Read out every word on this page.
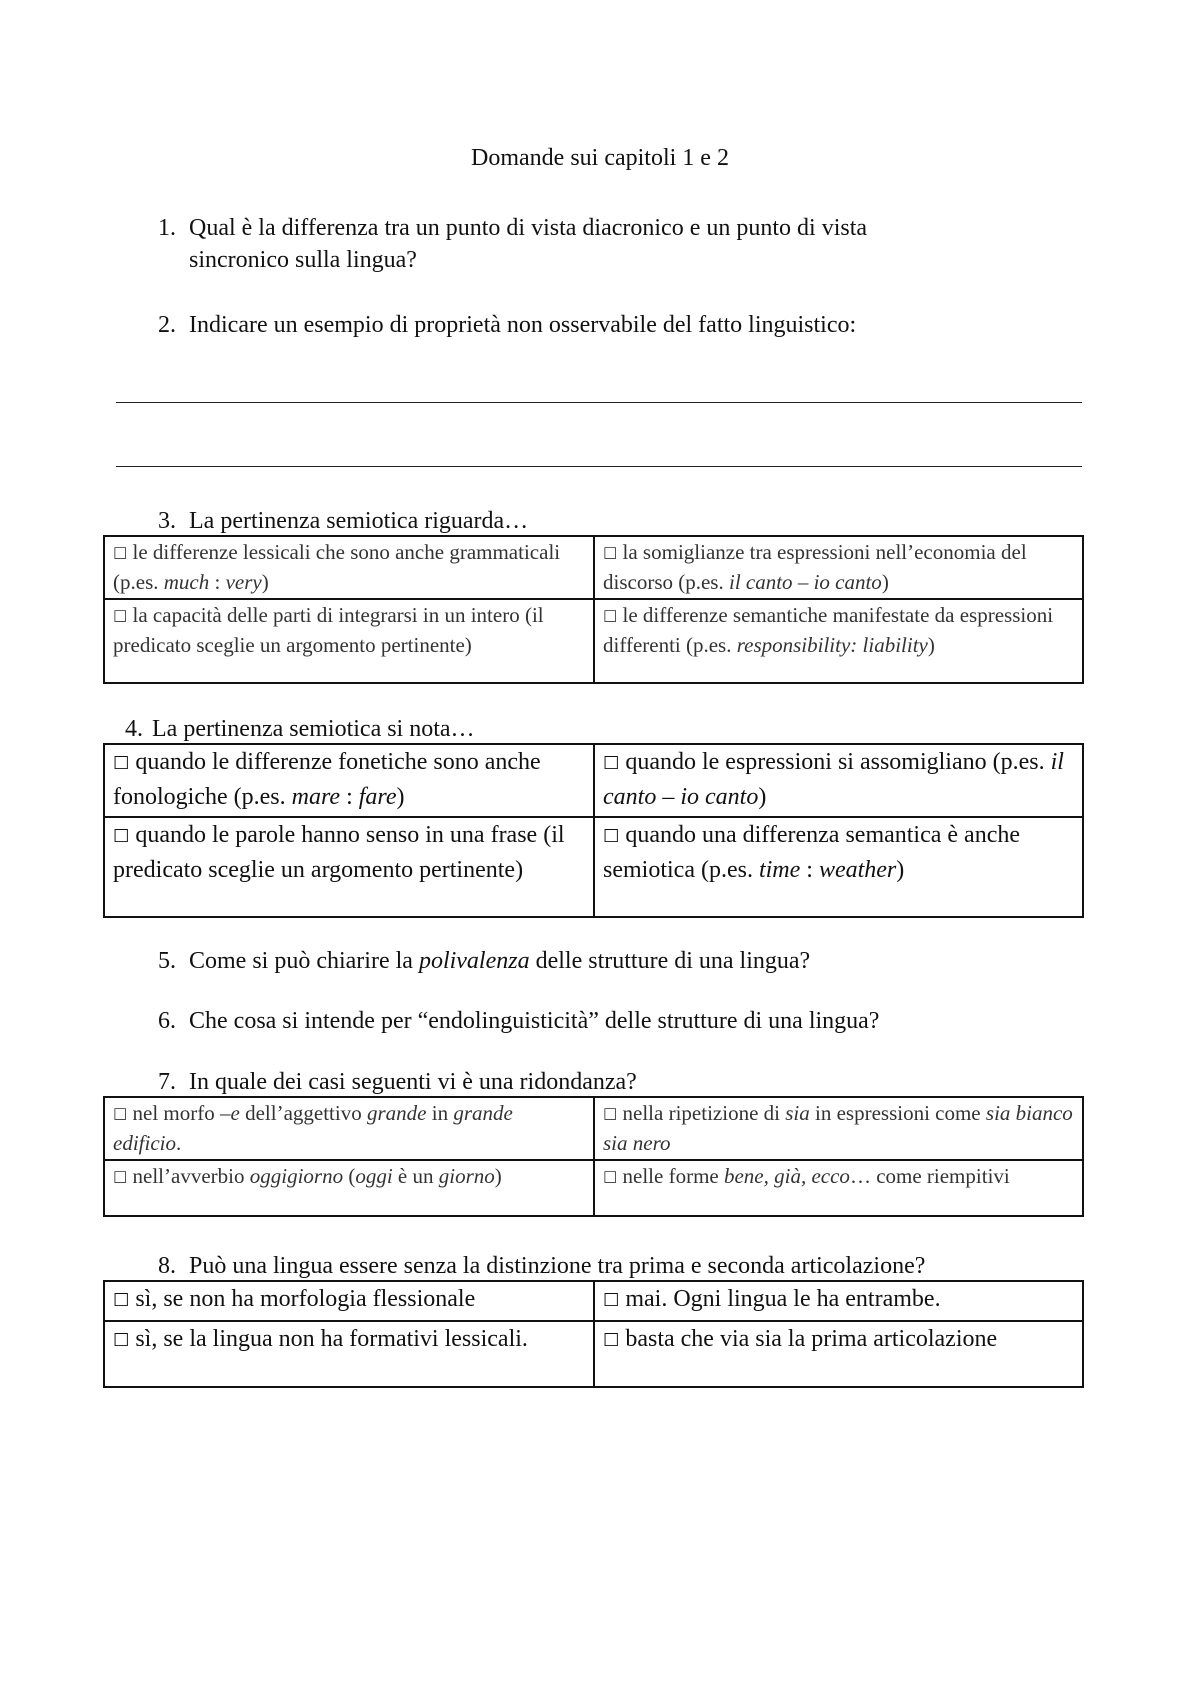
Domande sui capitoli 1 e 2
1. Qual è la differenza tra un punto di vista diacronico e un punto di vista
sincronico sulla lingua?
2. Indicare un esempio di proprietà non osservabile del fatto linguistico:
3. La pertinenza semiotica riguarda…
□ le differenze lessicali che sono anche grammaticali (p.es. much : very)	□ la somiglianze tra espressioni nell’economia del discorso (p.es. il canto – io canto)
□ la capacità delle parti di integrarsi in un intero (il predicato sceglie un argomento pertinente)	□ le differenze semantiche manifestate da espressioni differenti (p.es. responsibility: liability)
4. La pertinenza semiotica si nota…
□ quando le differenze fonetiche sono anche fonologiche (p.es. mare : fare)	□ quando le espressioni si assomigliano (p.es. il canto – io canto)
□ quando le parole hanno senso in una frase (il predicato sceglie un argomento pertinente)	□ quando una differenza semantica è anche semiotica (p.es. time : weather)
5. Come si può chiarire la polivalenza delle strutture di una lingua?
6. Che cosa si intende per “endolinguisticità” delle strutture di una lingua?
7. In quale dei casi seguenti vi è una ridondanza?
□ nel morfo –e dell’aggettivo grande in grande edificio.	□ nella ripetizione di sia in espressioni come sia bianco sia nero
□ nell’avverbio oggigiorno (oggi è un giorno)	□ nelle forme bene, già, ecco… come riempitivi
8. Può una lingua essere senza la distinzione tra prima e seconda articolazione?
□ sì, se non ha morfologia flessionale	□ mai. Ogni lingua le ha entrambe.
□ sì, se la lingua non ha formativi lessicali.	□ basta che via sia la prima articolazione
